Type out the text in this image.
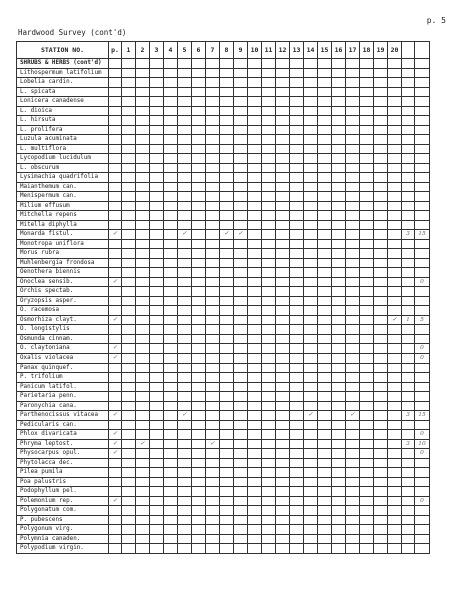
p. 5
Hardwood Survey (cont'd)
STATION NO.	p.	1	2	3	4	5	6	7	8	9	10	11	12	13	14	15	16	17	18	19	20		
SHRUBS & HERBS (cont'd)																							
Lithospermum latifolium																							
Lobelia cardin.																							
L. spicata																							
Lonicera canadense																							
L. dioica																							
L. hirsuta																							
L. prolifera																							
Luzula acuminata																							
L. multiflora																							
Lycopodium lucidulum																							
L. obscurum																							
Lysimachia quadrifolia																							
Maianthemum can.																							
Menispermum can.																							
Milium effusum																							
Mitchella repens																							
Mitella diphylla																							
Monarda fistul.	✓					✓			✓	✓												3	15
Monotropa uniflora																							
Morus rubra																							
Muhlenbergia frondosa																							
Oenothera biennis																							
Onoclea sensib.	✓																						0
Orchis spectab.																							
Oryzopsis asper.																							
O. racemosa																							
Osmorhiza clayt.	✓																				✓	1	5
O. longistylis																							
Osmunda cinnam.																							
O. claytoniana	✓																						0
Oxalis violacea	✓																						0
Panax quinquef.																							
P. trifolium																							
Panicum latifol.																							
Parietaria penn.																							
Paronychia cana.																							
Parthenocissus vitacea	✓					✓									✓			✓				3	15
Pedicularis can.																							
Phlox divaricata	✓																						0
Phryma leptost.	✓		✓					✓														3	10
Physocarpus opul.	✓																						0
Phytolacca dec.																							
Pilea pumila																							
Poa palustris																							
Podophyllum pel.																							
Polemonium rep.	✓																						0
Polygonatum com.																							
P. pubescens																							
Polygonum virg.																							
Polymnia canaden.																							
Polypodium virgin.																							
